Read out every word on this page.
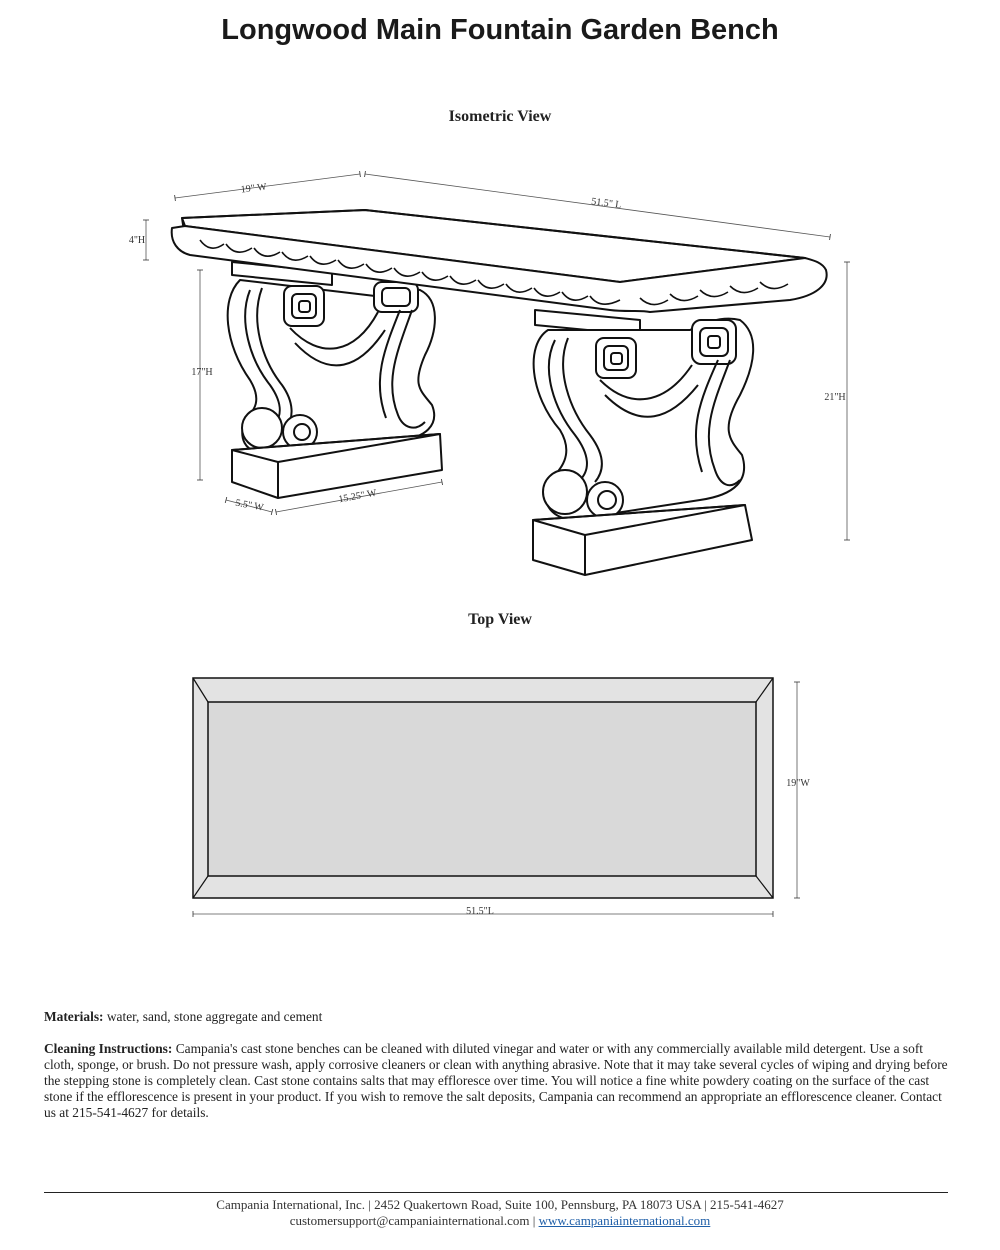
Longwood Main Fountain Garden Bench
Isometric View
19" W
51.5" L
4"H
17"H
21"H
5.5" W
15.25" W
19"W
51.5"L
Top View
Materials: water, sand, stone aggregate and cement
Cleaning Instructions: Campania's cast stone benches can be cleaned with diluted vinegar and water or with any commercially available mild detergent. Use a soft cloth, sponge, or brush. Do not pressure wash, apply corrosive cleaners or clean with anything abrasive. Note that it may take several cycles of wiping and drying before the stepping stone is completely clean. Cast stone contains salts that may effloresce over time. You will notice a fine white powdery coating on the surface of the cast stone if the efflorescence is present in your product. If you wish to remove the salt deposits, Campania can recommend an appropriate an efflorescence cleaner. Contact us at 215-541-4627 for details.
Campania International, Inc. | 2452 Quakertown Road, Suite 100, Pennsburg, PA 18073 USA | 215-541-4627
customersupport@campaniainternational.com | www.campaniainternational.com
